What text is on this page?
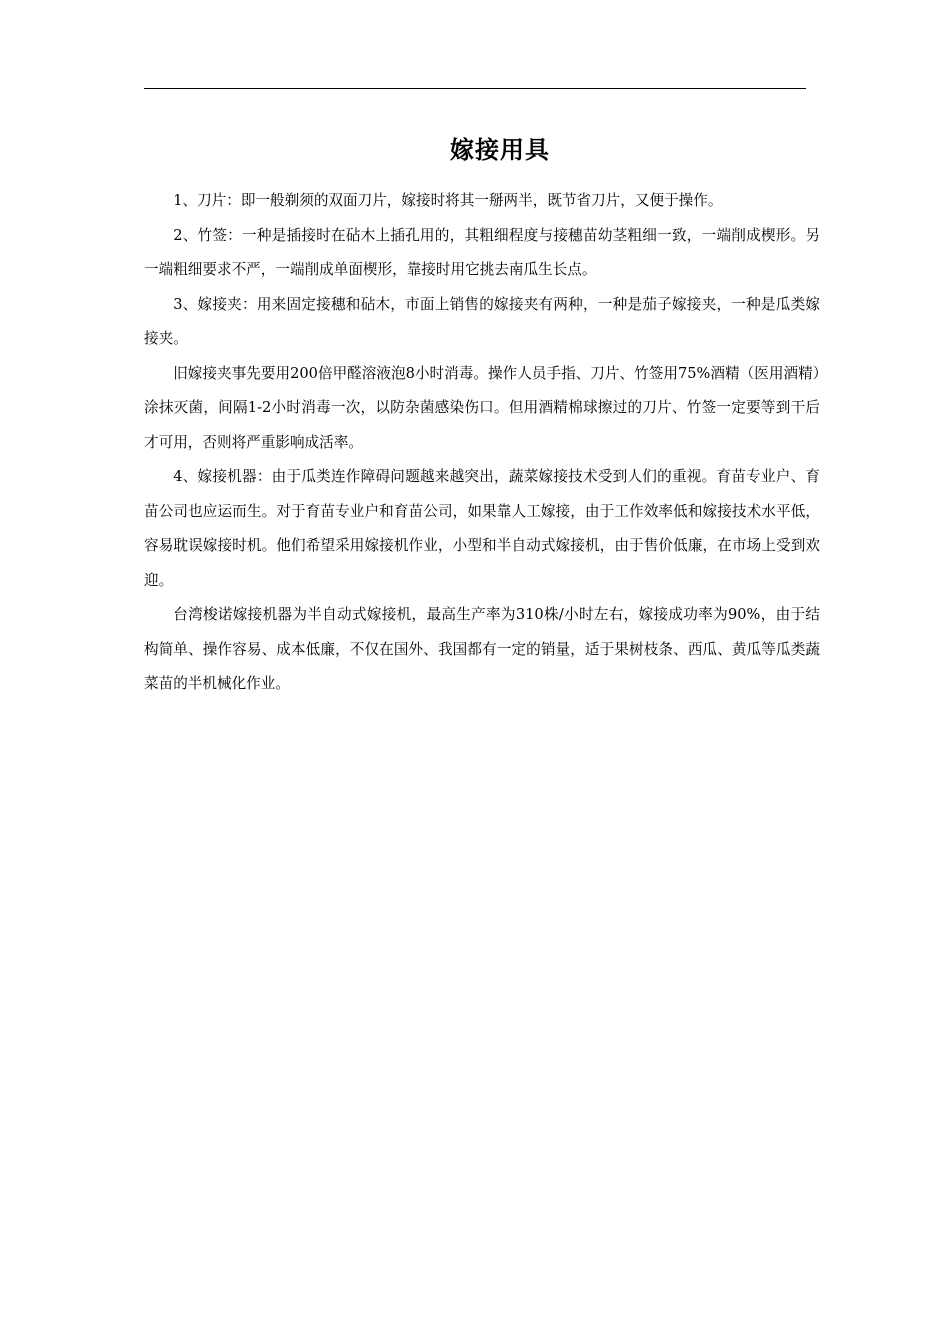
嫁接用具

1、刀片：即一般剃须的双面刀片，嫁接时将其一掰两半，既节省刀片，又便于操作。

2、竹签：一种是插接时在砧木上插孔用的，其粗细程度与接穗苗幼茎粗细一致，一端削成楔形。另一端粗细要求不严，一端削成单面楔形，靠接时用它挑去南瓜生长点。

3、嫁接夹：用来固定接穗和砧木，市面上销售的嫁接夹有两种，一种是茄子嫁接夹，一种是瓜类嫁接夹。

旧嫁接夹事先要用200倍甲醛溶液泡8小时消毒。操作人员手指、刀片、竹签用75%酒精（医用酒精）涂抹灭菌，间隔1-2小时消毒一次，以防杂菌感染伤口。但用酒精棉球擦过的刀片、竹签一定要等到干后才可用，否则将严重影响成活率。

4、嫁接机器：由于瓜类连作障碍问题越来越突出，蔬菜嫁接技术受到人们的重视。育苗专业户、育苗公司也应运而生。对于育苗专业户和育苗公司，如果靠人工嫁接，由于工作效率低和嫁接技术水平低，容易耽误嫁接时机。他们希望采用嫁接机作业，小型和半自动式嫁接机，由于售价低廉，在市场上受到欢迎。

台湾梭诺嫁接机器为半自动式嫁接机，最高生产率为310株/小时左右，嫁接成功率为90%，由于结构简单、操作容易、成本低廉，不仅在国外、我国都有一定的销量，适于果树枝条、西瓜、黄瓜等瓜类蔬菜苗的半机械化作业。
